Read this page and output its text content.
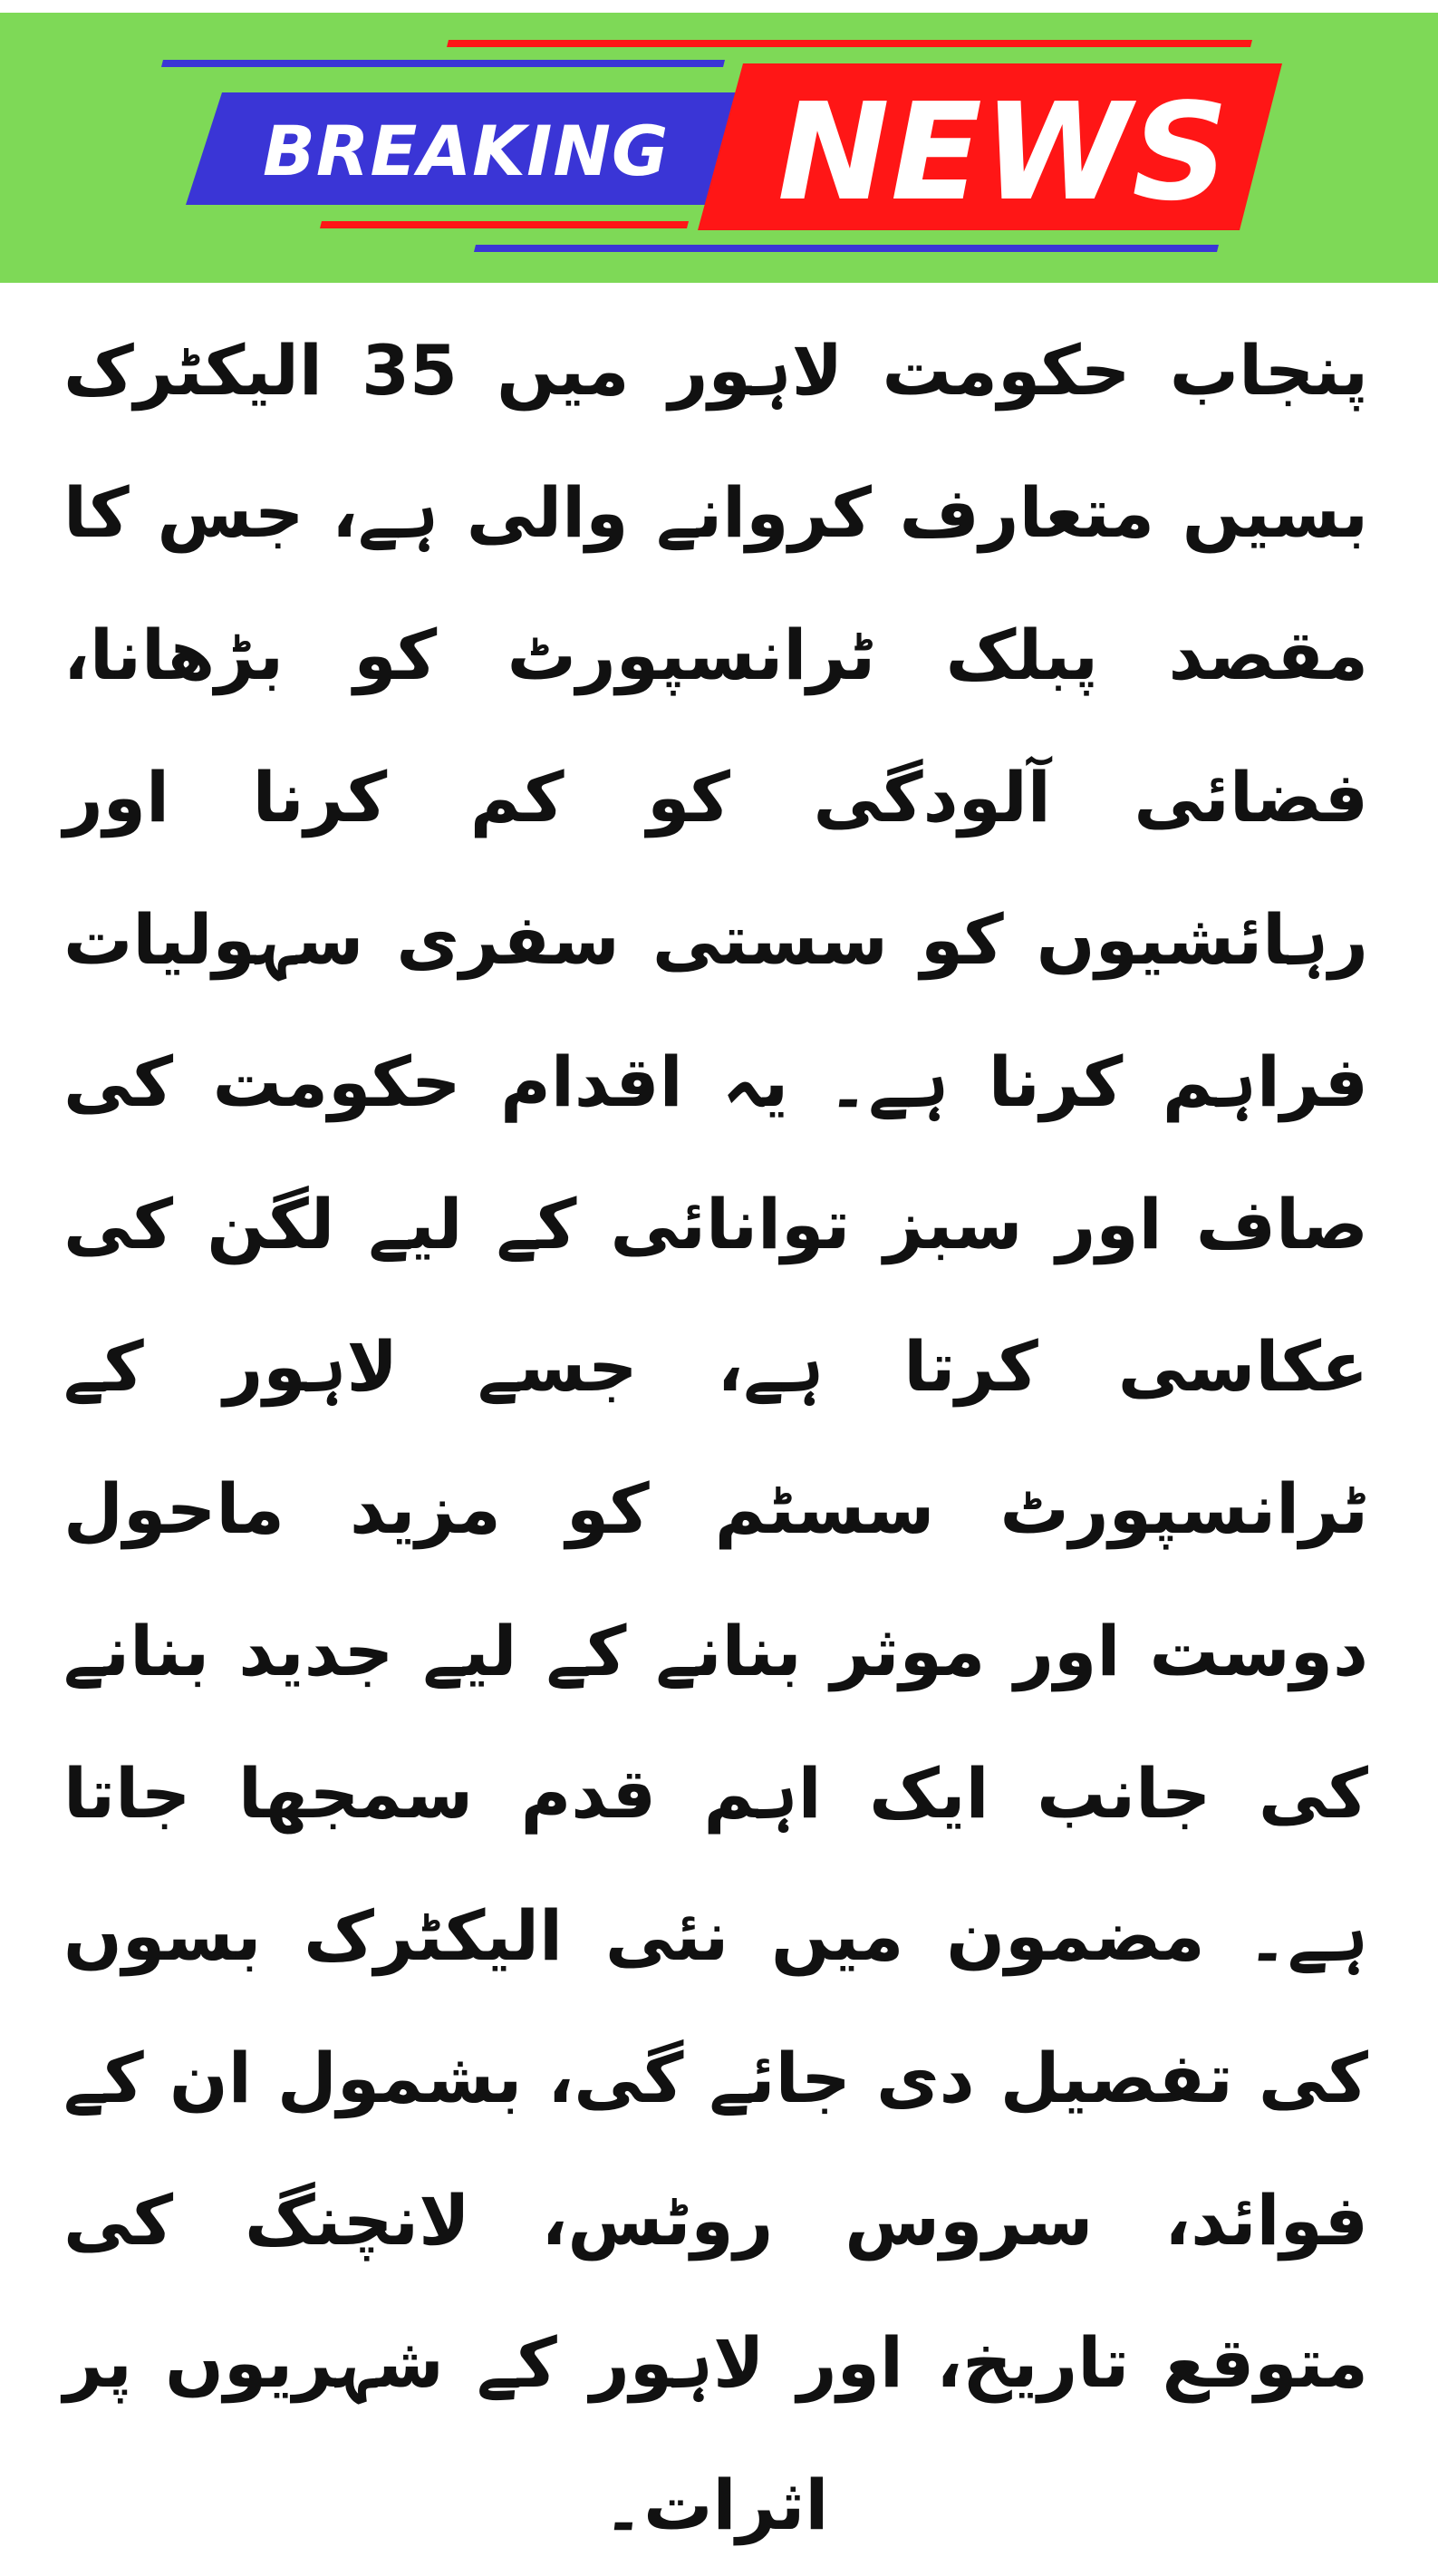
BREAKING NEWS

پنجاب حکومت لاہور میں 35 الیکٹرک بسیں متعارف کروانے والی ہے، جس کا مقصد پبلک ٹرانسپورٹ کو بڑھانا، فضائی آلودگی کو کم کرنا اور رہائشیوں کو سستی سفری سہولیات فراہم کرنا ہے۔ یہ اقدام حکومت کی صاف اور سبز توانائی کے لیے لگن کی عکاسی کرتا ہے، جسے لاہور کے ٹرانسپورٹ سسٹم کو مزید ماحول دوست اور موثر بنانے کے لیے جدید بنانے کی جانب ایک اہم قدم سمجھا جاتا ہے۔ مضمون میں نئی الیکٹرک بسوں کی تفصیل دی جائے گی، بشمول ان کے فوائد، سروس روٹس، لانچنگ کی متوقع تاریخ، اور لاہور کے شہریوں پر اثرات۔
